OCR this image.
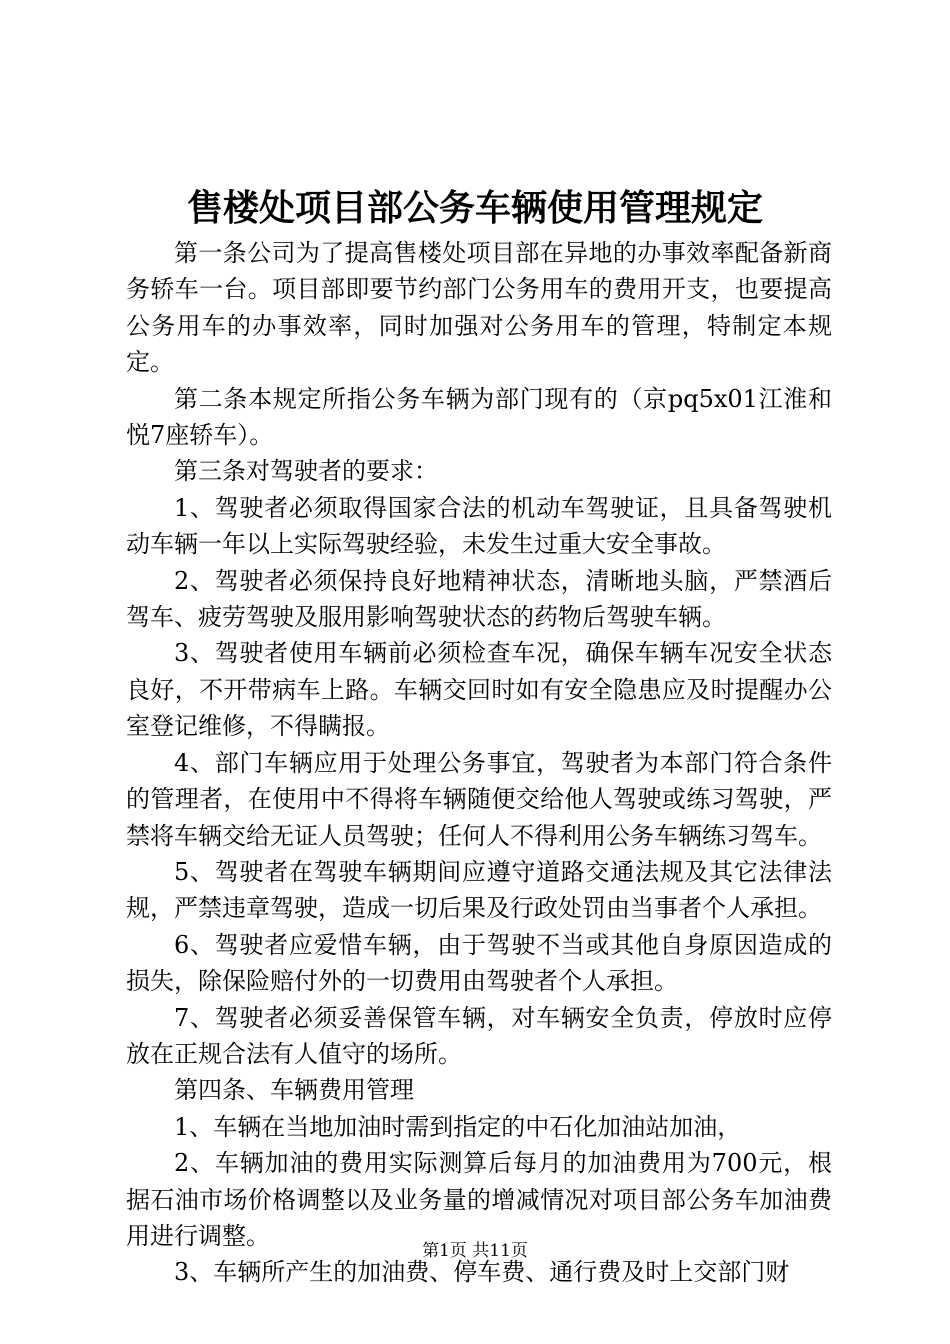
售楼处项目部公务车辆使用管理规定

第一条公司为了提高售楼处项目部在异地的办事效率配备新商务轿车一台。项目部即要节约部门公务用车的费用开支，也要提高公务用车的办事效率，同时加强对公务用车的管理，特制定本规定。

第二条本规定所指公务车辆为部门现有的（京pq5x01江淮和悦7座轿车）。

第三条对驾驶者的要求：

1、驾驶者必须取得国家合法的机动车驾驶证，且具备驾驶机动车辆一年以上实际驾驶经验，未发生过重大安全事故。

2、驾驶者必须保持良好地精神状态，清晰地头脑，严禁酒后驾车、疲劳驾驶及服用影响驾驶状态的药物后驾驶车辆。

3、驾驶者使用车辆前必须检查车况，确保车辆车况安全状态良好，不开带病车上路。车辆交回时如有安全隐患应及时提醒办公室登记维修，不得瞒报。

4、部门车辆应用于处理公务事宜，驾驶者为本部门符合条件的管理者，在使用中不得将车辆随便交给他人驾驶或练习驾驶，严禁将车辆交给无证人员驾驶；任何人不得利用公务车辆练习驾车。

5、驾驶者在驾驶车辆期间应遵守道路交通法规及其它法律法规，严禁违章驾驶，造成一切后果及行政处罚由当事者个人承担。

6、驾驶者应爱惜车辆，由于驾驶不当或其他自身原因造成的损失，除保险赔付外的一切费用由驾驶者个人承担。

7、驾驶者必须妥善保管车辆，对车辆安全负责，停放时应停放在正规合法有人值守的场所。

第四条、车辆费用管理

1、车辆在当地加油时需到指定的中石化加油站加油，

2、车辆加油的费用实际测算后每月的加油费用为700元，根据石油市场价格调整以及业务量的增减情况对项目部公务车加油费用进行调整。

3、车辆所产生的加油费、停车费、通行费及时上交部门财

第1页 共11页
